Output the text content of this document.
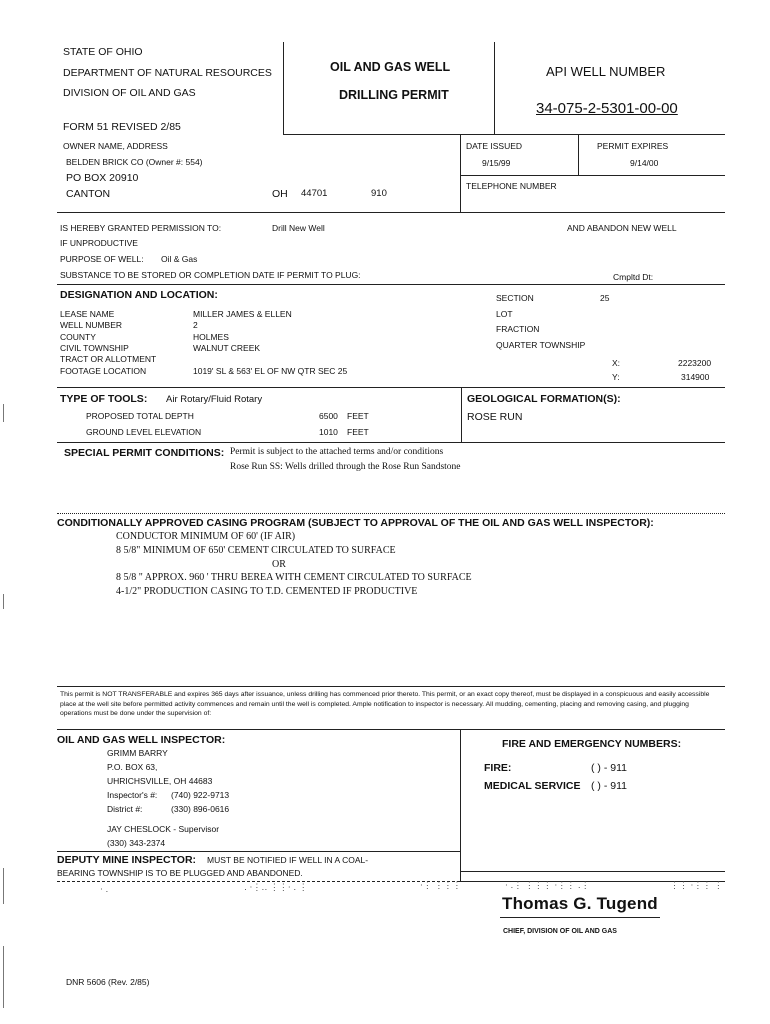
STATE OF OHIO
DEPARTMENT OF NATURAL RESOURCES
DIVISION OF OIL AND GAS
FORM 51 REVISED 2/85
OIL AND GAS WELL
DRILLING PERMIT
API WELL NUMBER
34-075-2-5301-00-00
OWNER NAME, ADDRESS
BELDEN BRICK CO (Owner #: 554)
PO BOX 20910
CANTON	OH 44701	910
DATE ISSUED
9/15/99
PERMIT EXPIRES
9/14/00
TELEPHONE NUMBER
IS HEREBY GRANTED PERMISSION TO:	Drill New Well	AND ABANDON NEW WELL
IF UNPRODUCTIVE
PURPOSE OF WELL: Oil & Gas
SUBSTANCE TO BE STORED OR COMPLETION DATE IF PERMIT TO PLUG:	Cmpltd Dt:
DESIGNATION AND LOCATION:
LEASE NAME	MILLER JAMES & ELLEN
WELL NUMBER	2
COUNTY	HOLMES
CIVIL TOWNSHIP	WALNUT CREEK
TRACT OR ALLOTMENT
FOOTAGE LOCATION	1019' SL & 563' EL OF NW QTR SEC 25
SECTION	25
LOT
FRACTION
QUARTER TOWNSHIP
X:	2223200
Y:	314900
TYPE OF TOOLS: Air Rotary/Fluid Rotary
PROPOSED TOTAL DEPTH	6500 FEET
GROUND LEVEL ELEVATION	1010 FEET
GEOLOGICAL FORMATION(S):
ROSE RUN
SPECIAL PERMIT CONDITIONS: Permit is subject to the attached terms and/or conditions
Rose Run SS: Wells drilled through the Rose Run Sandstone
CONDITIONALLY APPROVED CASING PROGRAM (SUBJECT TO APPROVAL OF THE OIL AND GAS WELL INSPECTOR):
CONDUCTOR MINIMUM OF 60' (IF AIR)
8 5/8" MINIMUM OF 650' CEMENT CIRCULATED TO SURFACE
OR
8 5/8 " APPROX. 960 ' THRU BEREA WITH CEMENT CIRCULATED TO SURFACE
4-1/2" PRODUCTION CASING TO T.D. CEMENTED IF PRODUCTIVE
This permit is NOT TRANSFERABLE and expires 365 days after issuance, unless drilling has commenced prior thereto. This permit, or an exact copy thereof, must be displayed in a conspicuous and easily accessible place at the well site before permitted activity commences and remain until the well is completed. Ample notification to inspector is necessary. All mudding, cementing, placing and removing casing, and plugging operations must be done under the supervision of:
OIL AND GAS WELL INSPECTOR:
GRIMM BARRY
P.O. BOX 63,
UHRICHSVILLE, OH 44683
Inspector's #: (740) 922-9713
District #:	(330) 896-0616
JAY CHESLOCK - Supervisor
(330) 343-2374
DEPUTY MINE INSPECTOR: MUST BE NOTIFIED IF WELL IN A COAL-
BEARING TOWNSHIP IS TO BE PLUGGED AND ABANDONED.
FIRE AND EMERGENCY NUMBERS:
FIRE:	( ) - 911
MEDICAL SERVICE ( ) - 911
⋅ ․	․ ⋅⋮‥ ⋮⋮⋅ ․ ⋮	⋅⋮ ⋮⋮⋮	⋅ ․⋮ ⋮⋮⋮ ⋅⋮⋮ ․⋮	⋮⋮ ⋅⋮⋮ ⋮
Thomas G. Tugend
CHIEF, DIVISION OF OIL AND GAS
DNR 5606 (Rev. 2/85)
